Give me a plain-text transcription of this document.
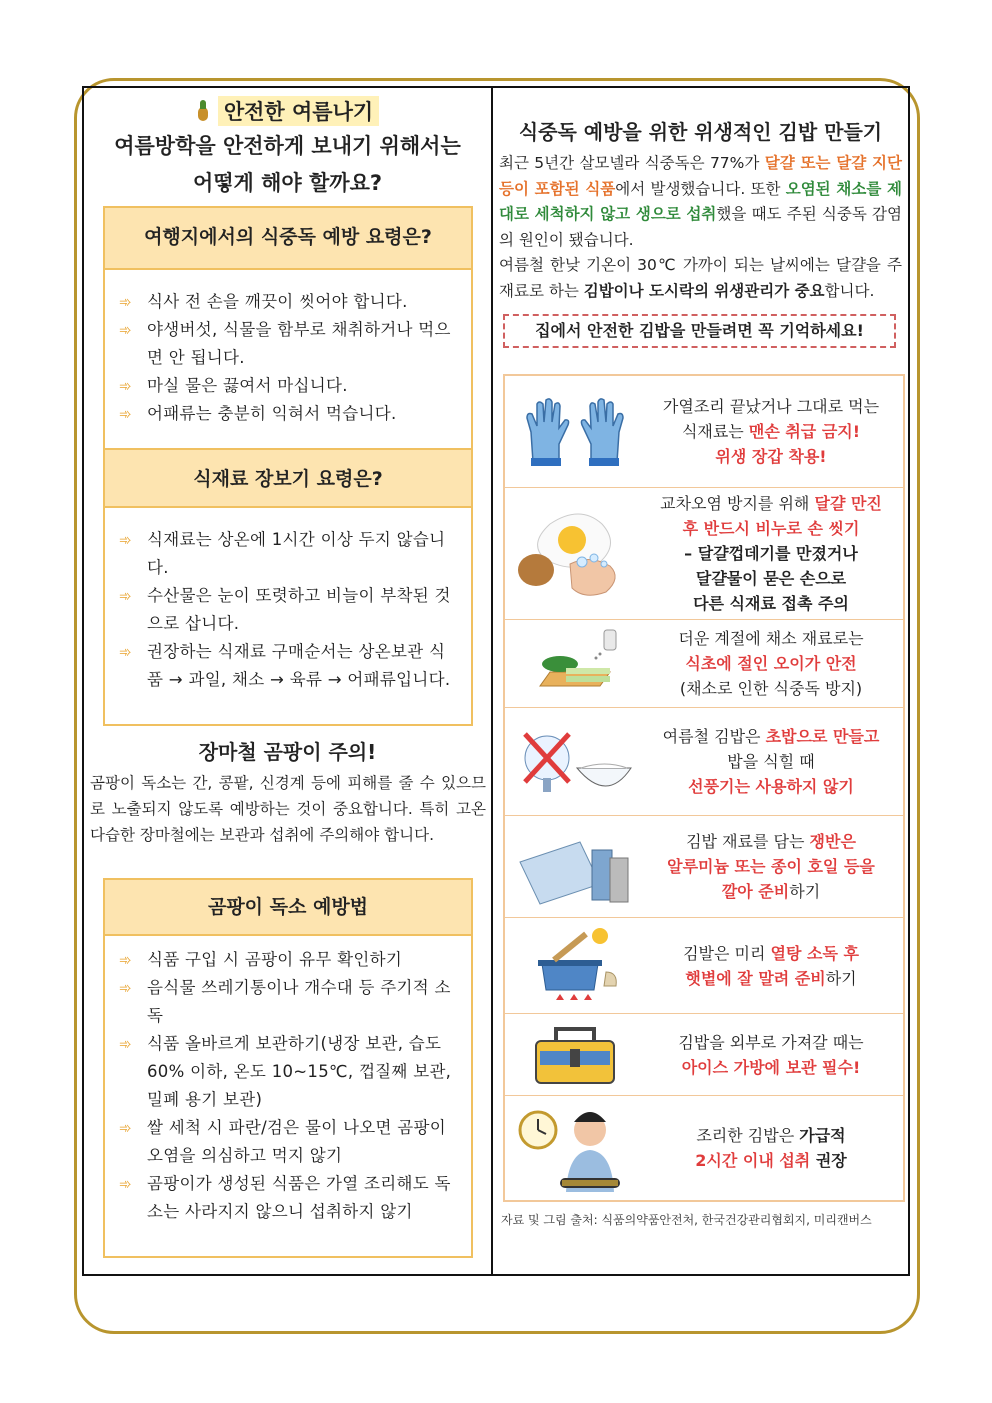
안전한 여름나기
여름방학을 안전하게 보내기 위해서는
어떻게 해야 할까요?
여행지에서의 식중독 예방 요령은?
➾ 식사 전 손을 깨끗이 씻어야 합니다.
➾ 야생버섯, 식물을 함부로 채취하거나 먹으면 안 됩니다.
➾ 마실 물은 끓여서 마십니다.
➾ 어패류는 충분히 익혀서 먹습니다.
식재료 장보기 요령은?
➾ 식재료는 상온에 1시간 이상 두지 않습니다.
➾ 수산물은 눈이 또렷하고 비늘이 부착된 것으로 삽니다.
➾ 권장하는 식재료 구매순서는 상온보관 식품 → 과일, 채소 → 육류 → 어패류입니다.
장마철 곰팡이 주의!
곰팡이 독소는 간, 콩팥, 신경계 등에 피해를 줄 수 있으므로 노출되지 않도록 예방하는 것이 중요합니다. 특히 고온 다습한 장마철에는 보관과 섭취에 주의해야 합니다.
곰팡이 독소 예방법
➾ 식품 구입 시 곰팡이 유무 확인하기
➾ 음식물 쓰레기통이나 개수대 등 주기적 소독
➾ 식품 올바르게 보관하기(냉장 보관, 습도 60% 이하, 온도 10~15℃, 껍질째 보관, 밀폐 용기 보관)
➾ 쌀 세척 시 파란/검은 물이 나오면 곰팡이 오염을 의심하고 먹지 않기
➾ 곰팡이가 생성된 식품은 가열 조리해도 독소는 사라지지 않으니 섭취하지 않기
식중독 예방을 위한 위생적인 김밥 만들기
최근 5년간 살모넬라 식중독은 77%가 달걀 또는 달걀 지단 등이 포함된 식품에서 발생했습니다. 또한 오염된 채소를 제대로 세척하지 않고 생으로 섭취했을 때도 주된 식중독 감염의 원인이 됐습니다.
여름철 한낮 기온이 30℃ 가까이 되는 날씨에는 달걀을 주재료로 하는 김밥이나 도시락의 위생관리가 중요합니다.
집에서 안전한 김밥을 만들려면 꼭 기억하세요!
가열조리 끝났거나 그대로 먹는
식재료는 맨손 취급 금지!
위생 장갑 착용!
교차오염 방지를 위해 달걀 만진
후 반드시 비누로 손 씻기
– 달걀껍데기를 만졌거나
달걀물이 묻은 손으로
다른 식재료 접촉 주의
더운 계절에 채소 재료로는
식초에 절인 오이가 안전
(채소로 인한 식중독 방지)
여름철 김밥은 초밥으로 만들고
밥을 식힐 때
선풍기는 사용하지 않기
김밥 재료를 담는 쟁반은
알루미늄 또는 종이 호일 등을
깔아 준비하기
김발은 미리 열탕 소독 후
햇볕에 잘 말려 준비하기
김밥을 외부로 가져갈 때는
아이스 가방에 보관 필수!
조리한 김밥은 가급적
2시간 이내 섭취 권장
자료 및 그림 출처: 식품의약품안전처, 한국건강관리협회지, 미리캔버스
